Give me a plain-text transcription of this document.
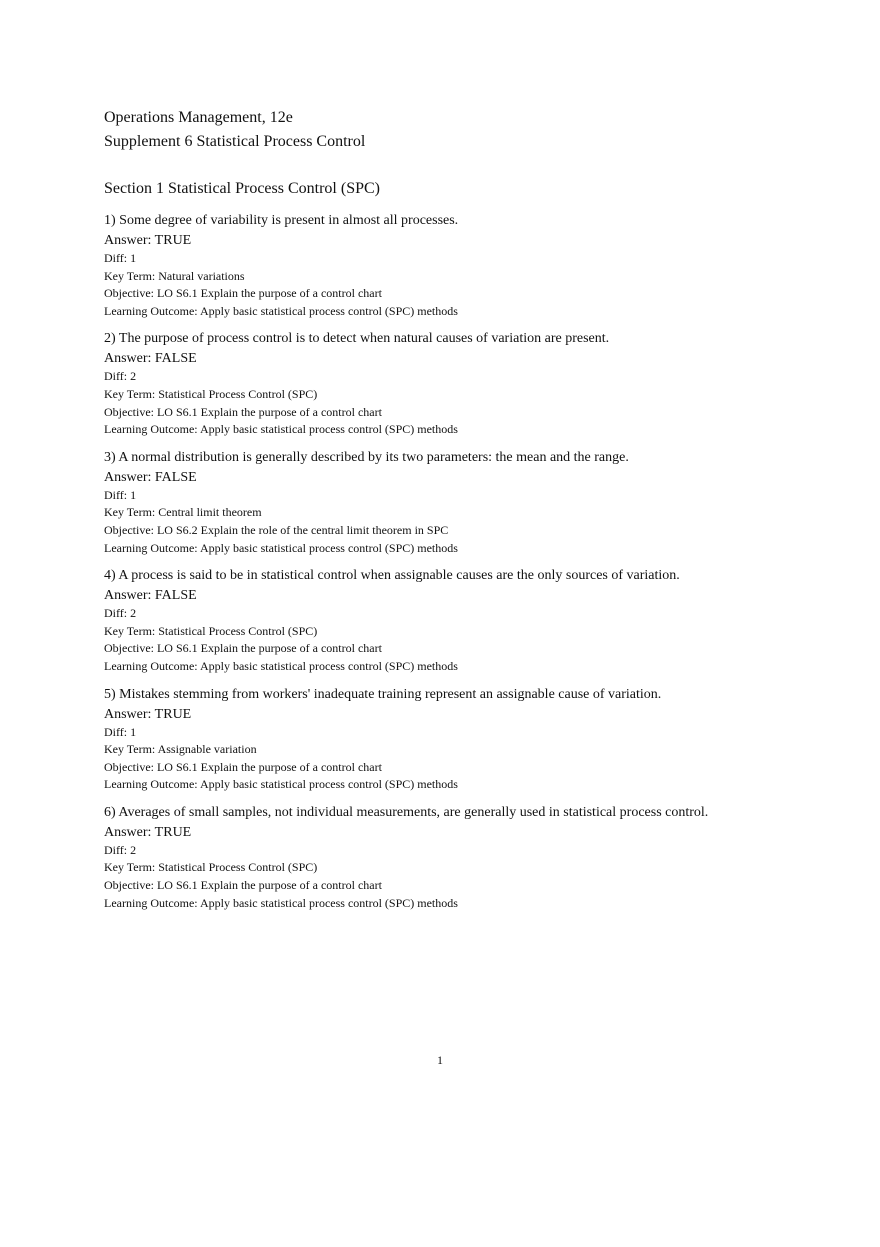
Operations Management, 12e

Supplement 6 Statistical Process Control

Section 1 Statistical Process Control (SPC)

1) Some degree of variability is present in almost all processes.

Answer: TRUE

Diff: 1

Key Term: Natural variations

Objective: LO S6.1 Explain the purpose of a control chart

Learning Outcome: Apply basic statistical process control (SPC) methods

2) The purpose of process control is to detect when natural causes of variation are present.

Answer: FALSE

Diff: 2

Key Term: Statistical Process Control (SPC)

Objective: LO S6.1 Explain the purpose of a control chart

Learning Outcome: Apply basic statistical process control (SPC) methods

3) A normal distribution is generally described by its two parameters: the mean and the range.

Answer: FALSE

Diff: 1

Key Term: Central limit theorem

Objective: LO S6.2 Explain the role of the central limit theorem in SPC

Learning Outcome: Apply basic statistical process control (SPC) methods

4) A process is said to be in statistical control when assignable causes are the only sources of variation.

Answer: FALSE

Diff: 2

Key Term: Statistical Process Control (SPC)

Objective: LO S6.1 Explain the purpose of a control chart

Learning Outcome: Apply basic statistical process control (SPC) methods

5) Mistakes stemming from workers' inadequate training represent an assignable cause of variation.

Answer: TRUE

Diff: 1

Key Term: Assignable variation

Objective: LO S6.1 Explain the purpose of a control chart

Learning Outcome: Apply basic statistical process control (SPC) methods

6) Averages of small samples, not individual measurements, are generally used in statistical process control.

Answer: TRUE

Diff: 2

Key Term: Statistical Process Control (SPC)

Objective: LO S6.1 Explain the purpose of a control chart

Learning Outcome: Apply basic statistical process control (SPC) methods

1
